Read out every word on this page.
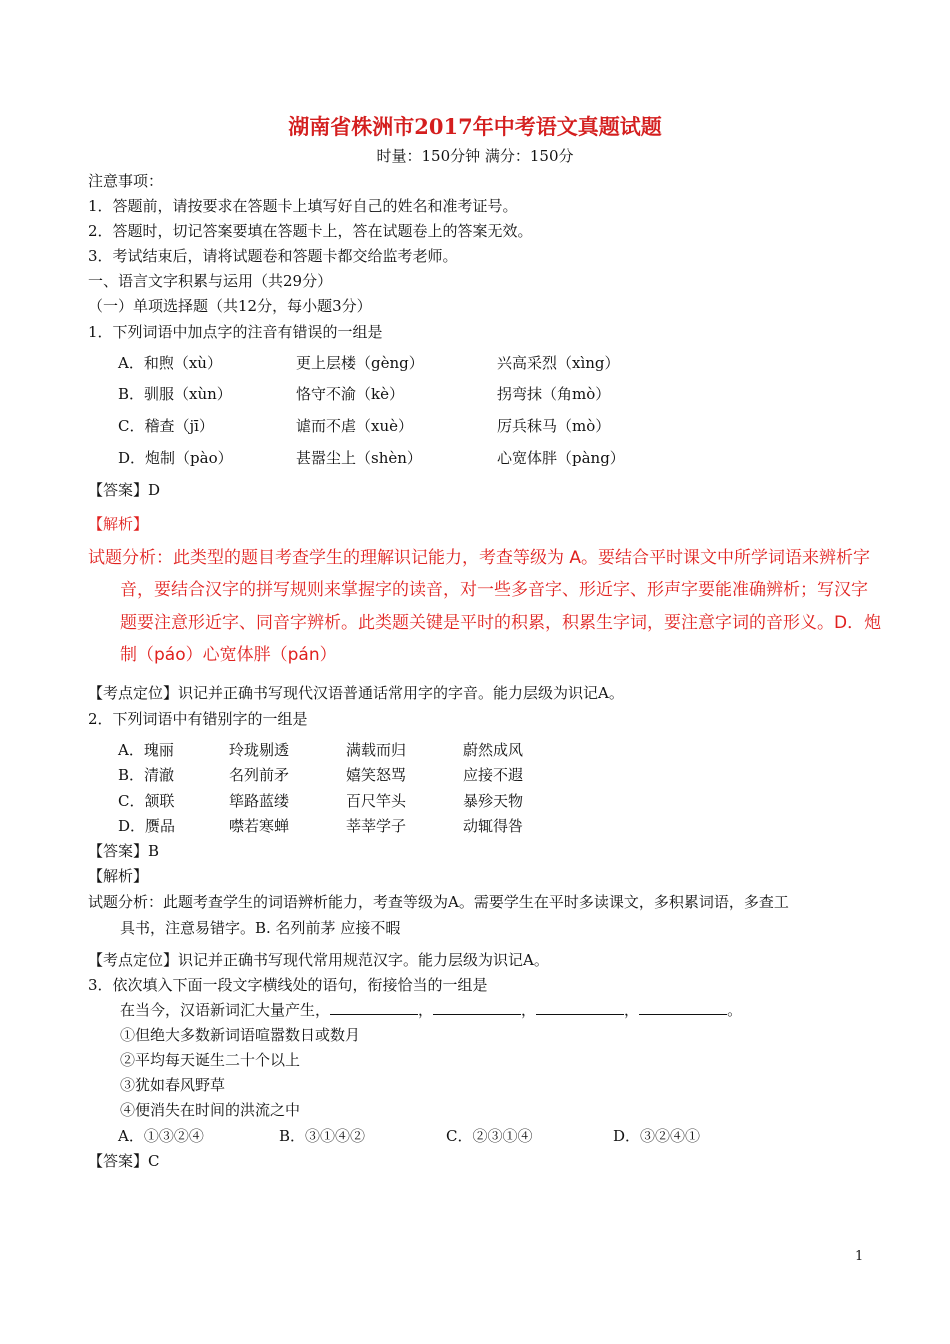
湖南省株洲市2017年中考语文真题试题
时量：150分钟 满分：150分
注意事项：
1．答题前，请按要求在答题卡上填写好自己的姓名和准考证号。
2．答题时，切记答案要填在答题卡上，答在试题卷上的答案无效。
3．考试结束后，请将试题卷和答题卡都交给监考老师。
一、语言文字积累与运用（共29分）
（一）单项选择题（共12分，每小题3分）
1．下列词语中加点字的注音有错误的一组是
A．和煦（xù）	更上层楼（gèng）	兴高采烈（xìng）
B．驯服（xùn）	恪守不渝（kè）	拐弯抹（角mò）
C．稽查（jī）	谑而不虐（xuè）	厉兵秣马（mò）
D．炮制（pào）	甚嚣尘上（shèn）	心宽体胖（pàng）
【答案】D
【解析】
试题分析：此类型的题目考查学生的理解识记能力，考查等级为 A。要结合平时课文中所学词语来辨析字
音，要结合汉字的拼写规则来掌握字的读音，对一些多音字、形近字、形声字要能准确辨析；写汉字
题要注意形近字、同音字辨析。此类题关键是平时的积累，积累生字词，要注意字词的音形义。D．炮
制（páo）心宽体胖（pán）
【考点定位】识记并正确书写现代汉语普通话常用字的字音。能力层级为识记A。
2．下列词语中有错别字的一组是
A．瑰丽	玲珑剔透	满载而归	蔚然成风
B．清澈	名列前矛	嬉笑怒骂	应接不遐
C．颔联	筚路蓝缕	百尺竿头	暴殄天物
D．赝品	噤若寒蝉	莘莘学子	动辄得咎
【答案】B
【解析】
试题分析：此题考查学生的词语辨析能力，考查等级为A。需要学生在平时多读课文，多积累词语，多查工
具书，注意易错字。B. 名列前茅 应接不暇
【考点定位】识记并正确书写现代常用规范汉字。能力层级为识记A。
3．依次填入下面一段文字横线处的语句，衔接恰当的一组是
在当今，汉语新词汇大量产生，	，	，	，	。
①但绝大多数新词语喧嚣数日或数月
②平均每天诞生二十个以上
③犹如春风野草
④便消失在时间的洪流之中
A．①③②④	B．③①④②	C．②③①④	D．③②④①
【答案】C
1
